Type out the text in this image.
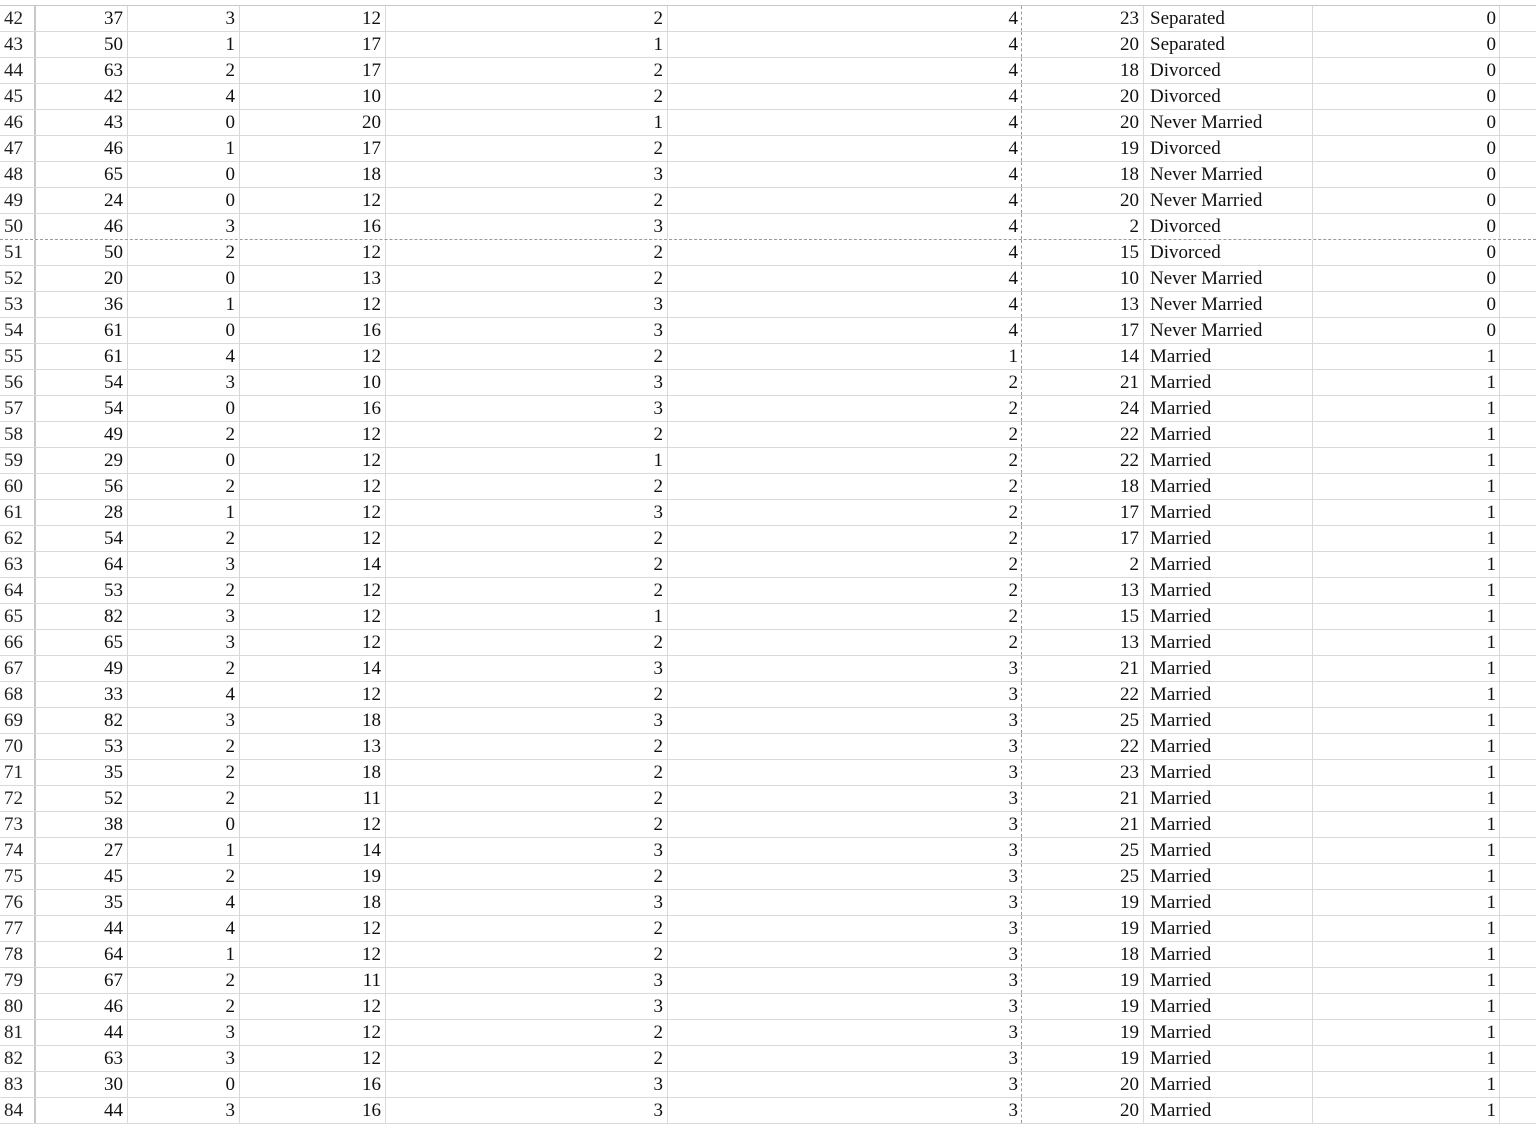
42	37	3	12	2	4	23 Separated	0
43	50	1	17	1	4	20 Separated	0
44	63	2	17	2	4	18 Divorced	0
45	42	4	10	2	4	20 Divorced	0
46	43	0	20	1	4	20 Never Married	0
47	46	1	17	2	4	19 Divorced	0
48	65	0	18	3	4	18 Never Married	0
49	24	0	12	2	4	20 Never Married	0
50	46	3	16	3	4	2 Divorced	0
51	50	2	12	2	4	15 Divorced	0
52	20	0	13	2	4	10 Never Married	0
53	36	1	12	3	4	13 Never Married	0
54	61	0	16	3	4	17 Never Married	0
55	61	4	12	2	1	14 Married	1
56	54	3	10	3	2	21 Married	1
57	54	0	16	3	2	24 Married	1
58	49	2	12	2	2	22 Married	1
59	29	0	12	1	2	22 Married	1
60	56	2	12	2	2	18 Married	1
61	28	1	12	3	2	17 Married	1
62	54	2	12	2	2	17 Married	1
63	64	3	14	2	2	2 Married	1
64	53	2	12	2	2	13 Married	1
65	82	3	12	1	2	15 Married	1
66	65	3	12	2	2	13 Married	1
67	49	2	14	3	3	21 Married	1
68	33	4	12	2	3	22 Married	1
69	82	3	18	3	3	25 Married	1
70	53	2	13	2	3	22 Married	1
71	35	2	18	2	3	23 Married	1
72	52	2	11	2	3	21 Married	1
73	38	0	12	2	3	21 Married	1
74	27	1	14	3	3	25 Married	1
75	45	2	19	2	3	25 Married	1
76	35	4	18	3	3	19 Married	1
77	44	4	12	2	3	19 Married	1
78	64	1	12	2	3	18 Married	1
79	67	2	11	3	3	19 Married	1
80	46	2	12	3	3	19 Married	1
81	44	3	12	2	3	19 Married	1
82	63	3	12	2	3	19 Married	1
83	30	0	16	3	3	20 Married	1
84	44	3	16	3	3	20 Married	1
